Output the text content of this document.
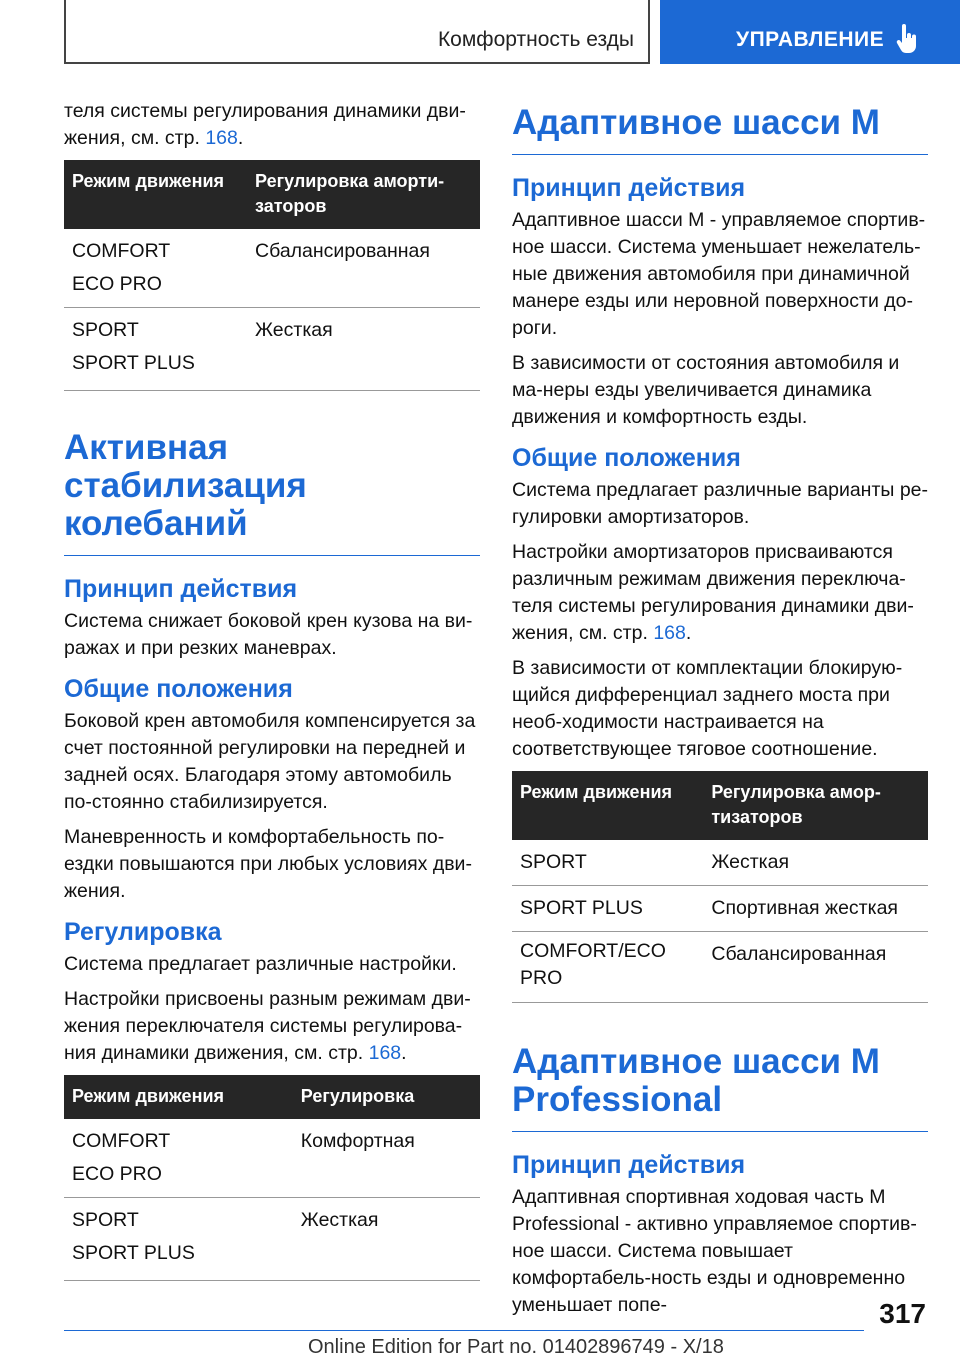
Комфортность езды	УПРАВЛЕНИЕ

теля системы регулирования динамики дви-жения, см. стр. 168.

Режим движения	Регулировка аморти-заторов

COMFORT
ECO PRO	Сбалансированная

SPORT
SPORT PLUS	Жесткая
Активная стабилизация колебаний
Принцип действия

Система снижает боковой крен кузова на ви-ражах и при резких маневрах.

Общие положения

Боковой крен автомобиля компенсируется за счет постоянной регулировки на передней и задней осях. Благодаря этому автомобиль по-стоянно стабилизируется.

Маневренность и комфортабельность по-ездки повышаются при любых условиях дви-жения.

Регулировка

Система предлагает различные настройки.

Настройки присвоены разным режимам дви-жения переключателя системы регулирова-ния динамики движения, см. стр. 168.

Режим движения	Регулировка

COMFORT
ECO PRO	Комфортная

SPORT
SPORT PLUS	Жесткая
Адаптивное шасси M
Принцип действия

Адаптивное шасси M - управляемое спортив-ное шасси. Система уменьшает нежелатель-ные движения автомобиля при динамичной манере езды или неровной поверхности до-роги.

В зависимости от состояния автомобиля и ма-неры езды увеличивается динамика движения и комфортность езды.

Общие положения

Система предлагает различные варианты ре-гулировки амортизаторов.

Настройки амортизаторов присваиваются различным режимам движения переключа-теля системы регулирования динамики дви-жения, см. стр. 168.

В зависимости от комплектации блокирую-щийся дифференциал заднего моста при необ-ходимости настраивается на соответствующее тяговое соотношение.

Режим движения	Регулировка амор-тизаторов
SPORT	Жесткая
SPORT PLUS	Спортивная жесткая
COMFORT/ECO PRO	Сбалансированная
Адаптивное шасси M Professional
Принцип действия

Адаптивная спортивная ходовая часть M Professional - активно управляемое спортив-ное шасси. Система повышает комфортабель-ность езды и одновременно уменьшает попе-	317
Online Edition for Part no. 01402896749 - X/18
